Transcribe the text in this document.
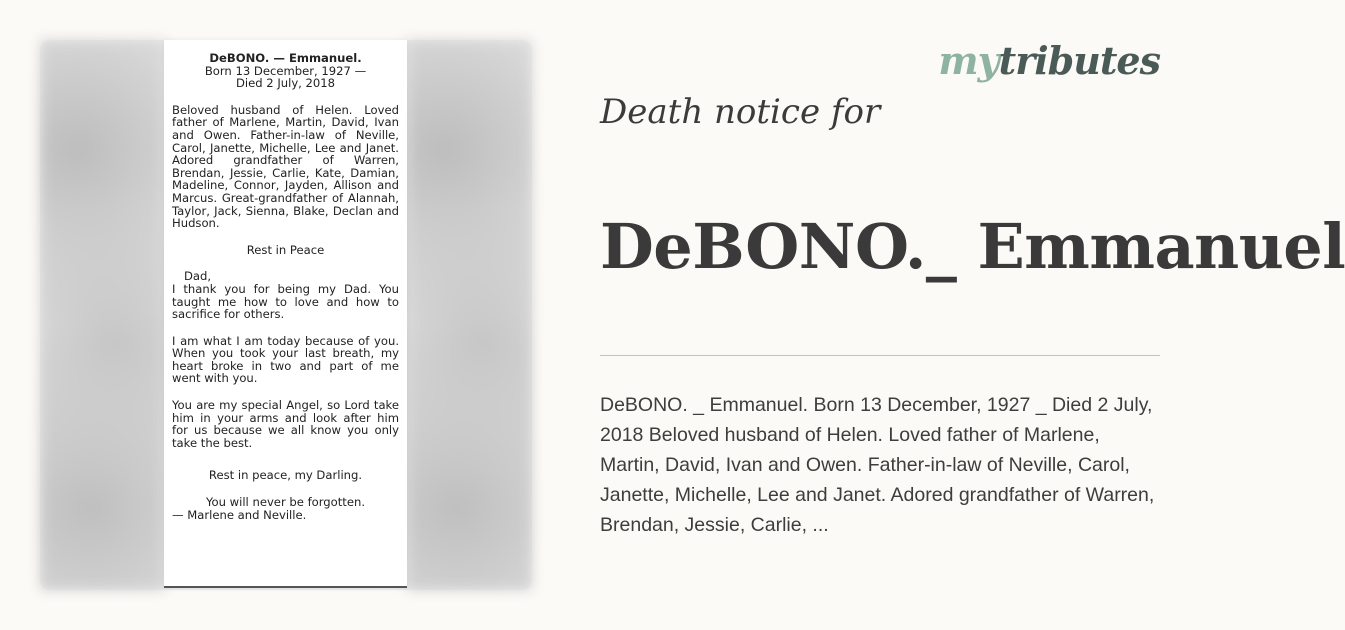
DeBONO. — Emmanuel.
Born 13 December, 1927 —
Died 2 July, 2018
Beloved husband of Helen. Loved father of Marlene, Martin, David, Ivan and Owen. Father-in-law of Neville, Carol, Janette, Michelle, Lee and Janet. Adored grandfather of Warren, Brendan, Jessie, Carlie, Kate, Damian, Madeline, Connor, Jayden, Allison and Marcus. Great-grandfather of Alannah, Taylor, Jack, Sienna, Blake, Declan and Hudson.
Rest in Peace
Dad,
I thank you for being my Dad. You taught me how to love and how to sacrifice for others.
I am what I am today because of you. When you took your last breath, my heart broke in two and part of me went with you.
You are my special Angel, so Lord take him in your arms and look after him for us because we all know you only take the best.
Rest in peace, my Darling.
You will never be forgotten.
— Marlene and Neville.
mytributes
Death notice for
DeBONO._ Emmanuel
DeBONO. _ Emmanuel. Born 13 December, 1927 _ Died 2 July, 2018 Beloved husband of Helen. Loved father of Marlene, Martin, David, Ivan and Owen. Father-in-law of Neville, Carol, Janette, Michelle, Lee and Janet. Adored grandfather of Warren, Brendan, Jessie, Carlie, ...
